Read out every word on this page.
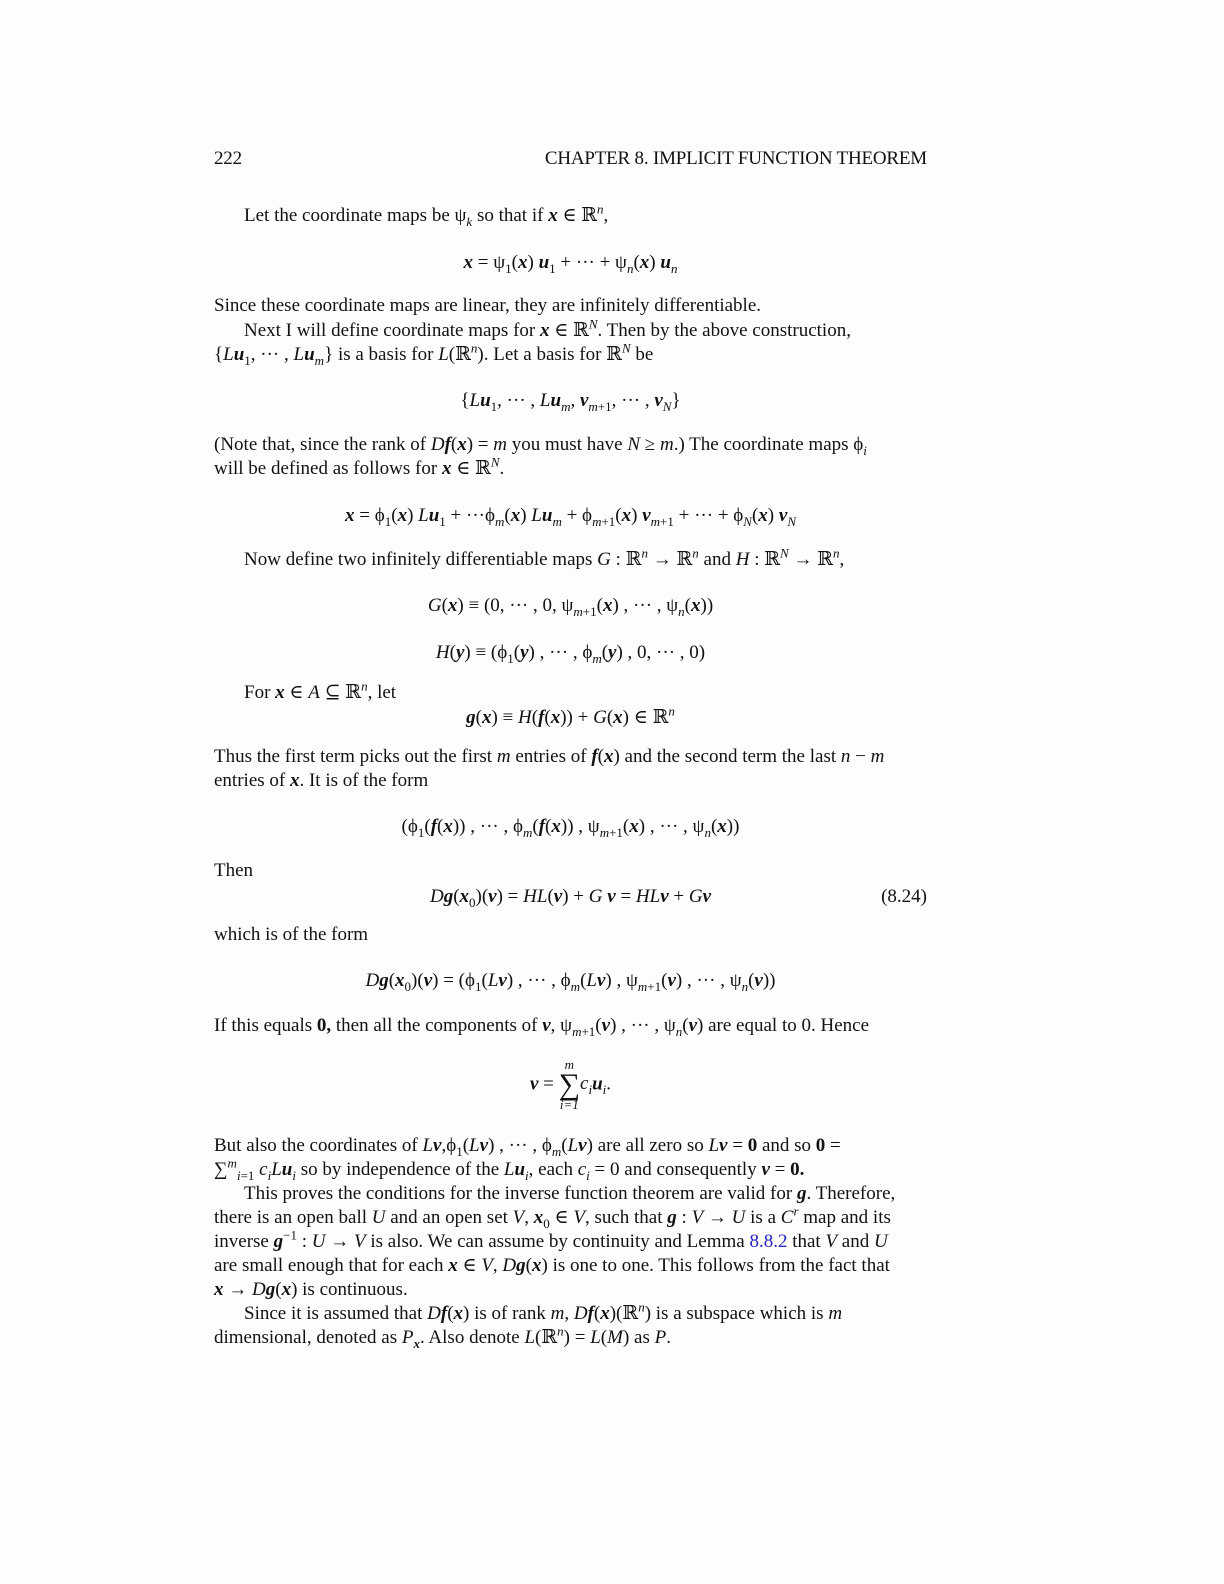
222	CHAPTER 8. IMPLICIT FUNCTION THEOREM
Let the coordinate maps be $\psi_k$ so that if x ∈ ℝ$^n$,
$x = \psi_1(x) u_1$ + ··· + $\psi_n(x)$ $u_n$
Since these coordinate maps are linear, they are infinitely differentiable.
Next I will define coordinate maps for x ∈ ℝ$^N$. Then by the above construction,
{$Lu_1$, ··· , $Lu_m$} is a basis for L(ℝ$^n$). Let a basis for ℝ$^N$ be
{$Lu_1$, ··· , $Lu_m$, $v_{m+1}$, ··· , $v_N$}
(Note that, since the rank of Df(x) = m you must have N ≥ m.) The coordinate maps $\phi_i$
will be defined as follows for x ∈ ℝ$^N$.
$x = \phi_1(x) Lu_1 + \cdot\cdot\cdot\phi_m(x) Lu_m + \phi_{m+1}(x) v_{m+1}$ + ··· + $\phi_N(x)$ $v_N$
Now define two infinitely differentiable maps G : ℝ$^n$ → ℝ$^n$ and H : ℝ$^N$ → ℝ$^n$,
G(x) ≡ (0, ··· , 0, $\psi_{m+1}(x)$ , ··· , $\psi_n(x)$)
$H(y) \equiv (\phi_1(y)$ , ··· , $\phi_m(y)$ , 0, ··· , 0)
For x ∈ A ⊆ ℝ$^n$, let
g(x) ≡ H(f(x)) + G(x) ∈ ℝ$^n$
Thus the first term picks out the first m entries of f(x) and the second term the last n − m
entries of x. It is of the form
($\phi_1(f(x))$ , ··· , $\phi_m(f(x))$ , $\psi_{m+1}(x)$ , ··· , $\psi_n(x)$)
Then
$Dg(x_0)(v) = HL(v) + G$ v = HLv + Gv	(8.24)
which is of the form
$Dg(x_0)(v) = (\phi_1(Lv)$ , ··· , $\phi_m(Lv)$ , $\psi_{m+1}(v)$ , ··· , $\psi_n(v)$)
If this equals 0, then all the components of v, $\psi_{m+1}(v)$ , ··· , $\psi_n(v)$ are equal to 0. Hence
v =
m
∑
i=1
$c_iu_i$.
But also the coordinates of $Lv,\phi_1(Lv)$ , ··· , $\phi_m(Lv)$ are all zero so Lv = 0 and so 0 =
∑$^m_{i=1}$ $c_iLu_i$ so by independence of the $Lu_i$, each $c_i = 0$ and consequently v = 0.
This proves the conditions for the inverse function theorem are valid for g. Therefore,
there is an open ball U and an open set V, $x_0$ ∈ V, such that g : V → U is a $C^r$ map and its
inverse $g^{-1}$ : U → V is also. We can assume by continuity and Lemma 8.8.2 that V and U
are small enough that for each x ∈ V, Dg(x) is one to one. This follows from the fact that
x → Dg(x) is continuous.
Since it is assumed that Df(x) is of rank m, Df(x)(ℝ$^n$) is a subspace which is m
dimensional, denoted as $P_x$. Also denote L(ℝ$^n$) = L(M) as P.
